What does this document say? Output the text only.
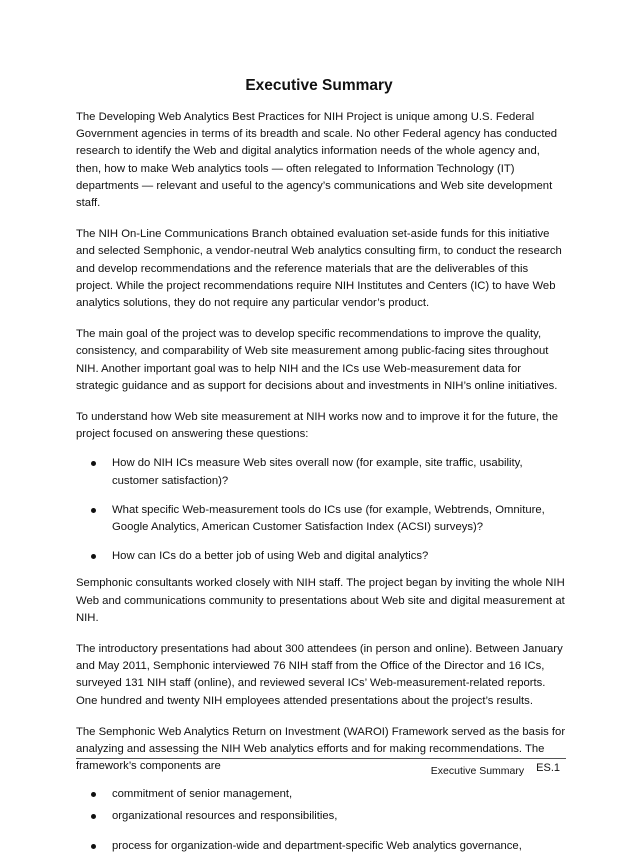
Executive Summary

The Developing Web Analytics Best Practices for NIH Project is unique among U.S. Federal Government agencies in terms of its breadth and scale. No other Federal agency has conducted research to identify the Web and digital analytics information needs of the whole agency and, then, how to make Web analytics tools — often relegated to Information Technology (IT) departments — relevant and useful to the agency’s communications and Web site development staff.

The NIH On-Line Communications Branch obtained evaluation set-aside funds for this initiative and selected Semphonic, a vendor-neutral Web analytics consulting firm, to conduct the research and develop recommendations and the reference materials that are the deliverables of this project. While the project recommendations require NIH Institutes and Centers (IC) to have Web analytics solutions, they do not require any particular vendor’s product.

The main goal of the project was to develop specific recommendations to improve the quality, consistency, and comparability of Web site measurement among public-facing sites throughout NIH. Another important goal was to help NIH and the ICs use Web-measurement data for strategic guidance and as support for decisions about and investments in NIH’s online initiatives.

To understand how Web site measurement at NIH works now and to improve it for the future, the project focused on answering these questions:

How do NIH ICs measure Web sites overall now (for example, site traffic, usability, customer satisfaction)?
What specific Web-measurement tools do ICs use (for example, Webtrends, Omniture, Google Analytics, American Customer Satisfaction Index (ACSI) surveys)?
How can ICs do a better job of using Web and digital analytics?

Semphonic consultants worked closely with NIH staff. The project began by inviting the whole NIH Web and communications community to presentations about Web site and digital measurement at NIH.

The introductory presentations had about 300 attendees (in person and online). Between January and May 2011, Semphonic interviewed 76 NIH staff from the Office of the Director and 16 ICs, surveyed 131 NIH staff (online), and reviewed several ICs’ Web-measurement-related reports. One hundred and twenty NIH employees attended presentations about the project’s results.

The Semphonic Web Analytics Return on Investment (WAROI) Framework served as the basis for analyzing and assessing the NIH Web analytics efforts and for making recommendations. The framework’s components are

commitment of senior management,
organizational resources and responsibilities,
process for organization-wide and department-specific Web analytics governance,
Executive Summary ES.1
